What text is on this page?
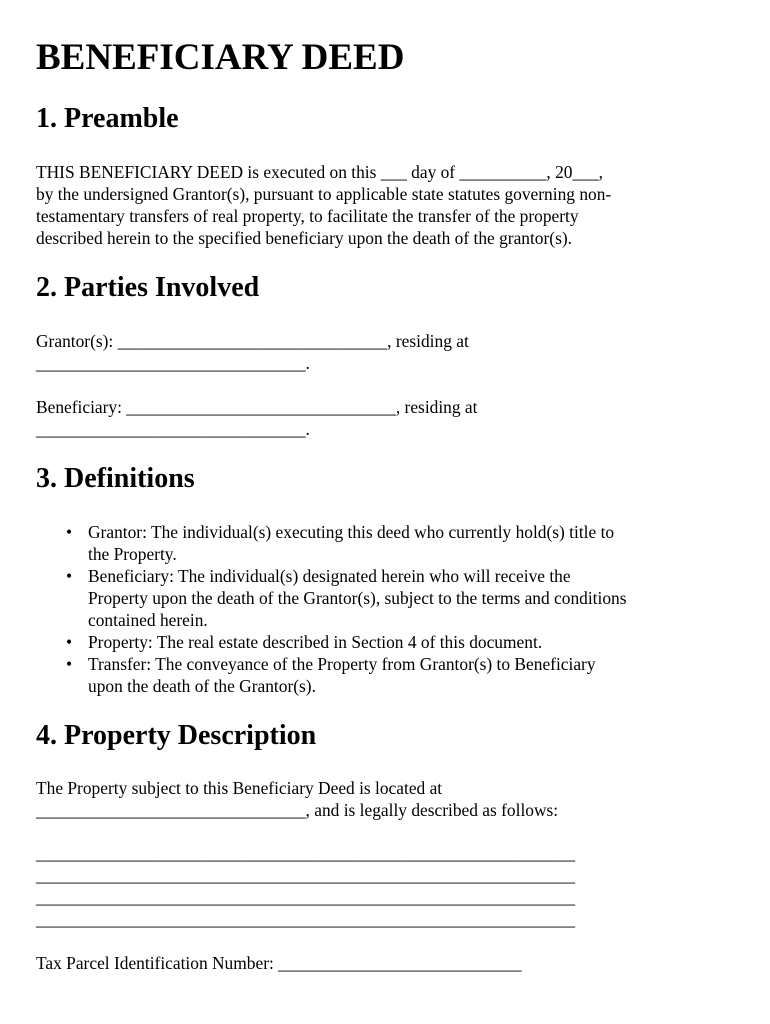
BENEFICIARY DEED
1. Preamble

THIS BENEFICIARY DEED is executed on this ___ day of __________, 20___,
by the undersigned Grantor(s), pursuant to applicable state statutes governing non-
testamentary transfers of real property, to facilitate the transfer of the property
described herein to the specified beneficiary upon the death of the grantor(s).

2. Parties Involved

Grantor(s): _______________________________, residing at
_______________________________.

Beneficiary: _______________________________, residing at
_______________________________.

3. Definitions
• Grantor: The individual(s) executing this deed who currently hold(s) title to
the Property.
• Beneficiary: The individual(s) designated herein who will receive the
Property upon the death of the Grantor(s), subject to the terms and conditions
contained herein.
• Property: The real estate described in Section 4 of this document.
• Transfer: The conveyance of the Property from Grantor(s) to Beneficiary
upon the death of the Grantor(s).
4. Property Description

The Property subject to this Beneficiary Deed is located at
_______________________________, and is legally described as follows:

______________________________________________________________
______________________________________________________________
______________________________________________________________
______________________________________________________________

Tax Parcel Identification Number: ____________________________
